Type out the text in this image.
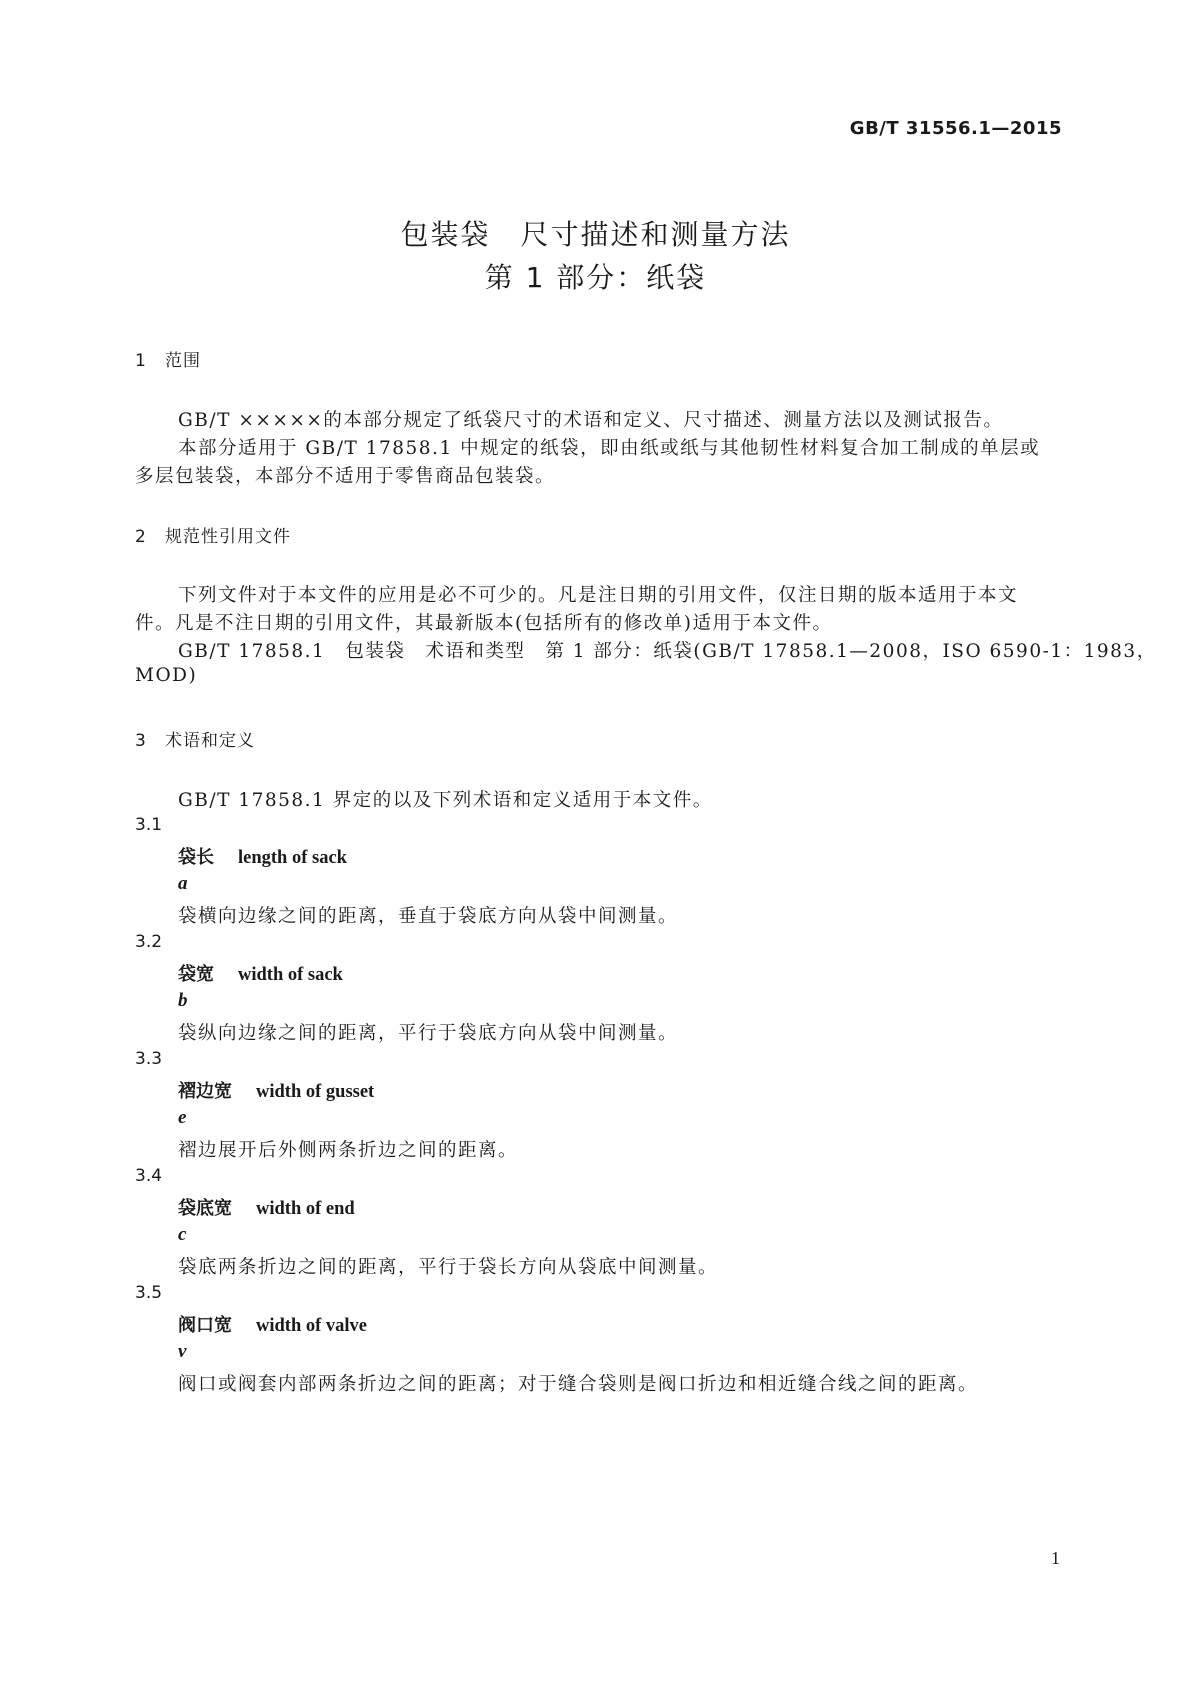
GB/T 31556.1—2015
包装袋　尺寸描述和测量方法
第 1 部分：纸袋
1 范围
GB/T ×××××的本部分规定了纸袋尺寸的术语和定义、尺寸描述、测量方法以及测试报告。
本部分适用于 GB/T 17858.1 中规定的纸袋，即由纸或纸与其他韧性材料复合加工制成的单层或
多层包装袋，本部分不适用于零售商品包装袋。
2 规范性引用文件
下列文件对于本文件的应用是必不可少的。凡是注日期的引用文件，仅注日期的版本适用于本文
件。凡是不注日期的引用文件，其最新版本(包括所有的修改单)适用于本文件。
GB/T 17858.1　包装袋　术语和类型　第 1 部分：纸袋(GB/T 17858.1—2008，ISO 6590-1：1983，
MOD)
3 术语和定义
GB/T 17858.1 界定的以及下列术语和定义适用于本文件。
3.1
袋长 length of sack
a
袋横向边缘之间的距离，垂直于袋底方向从袋中间测量。
3.2
袋宽 width of sack
b
袋纵向边缘之间的距离，平行于袋底方向从袋中间测量。
3.3
褶边宽 width of gusset
e
褶边展开后外侧两条折边之间的距离。
3.4
袋底宽 width of end
c
袋底两条折边之间的距离，平行于袋长方向从袋底中间测量。
3.5
阀口宽 width of valve
v
阀口或阀套内部两条折边之间的距离；对于缝合袋则是阀口折边和相近缝合线之间的距离。
1
